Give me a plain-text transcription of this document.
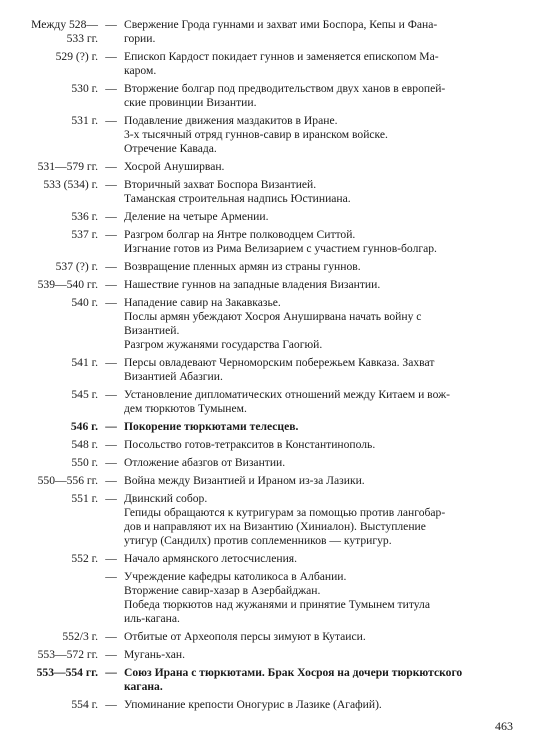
Между 528—
533 гг.
— Свержение Грода гуннами и захват ими Боспора, Кепы и Фана-
гории.
529 (?) г. — Епископ Кардост покидает гуннов и заменяется епископом Ма-
каром.
530 г. — Вторжение болгар под предводительством двух ханов в европей-
ские провинции Византии.
531 г. — Подавление движения маздакитов в Иране.
3-х тысячный отряд гуннов-савир в иранском войске.
Отречение Кавада.
531—579 гг. — Хосрой Ануширван.
533 (534) г. — Вторичный захват Боспора Византией.
Таманская строительная надпись Юстиниана.
536 г. — Деление на четыре Армении.
537 г. — Разгром болгар на Янтре полководцем Ситтой.
Изгнание готов из Рима Велизарием с участием гуннов-болгар.
537 (?) г. — Возвращение пленных армян из страны гуннов.
539—540 гг. — Нашествие гуннов на западные владения Византии.
540 г. — Нападение савир на Закавказье.
Послы армян убеждают Хосроя Ануширвана начать войну с
Византией.
Разгром жужанями государства Гаогюй.
541 г. — Персы овладевают Черноморским побережьем Кавказа. Захват
Византией Абазгии.
545 г. — Установление дипломатических отношений между Китаем и вож-
дем тюркютов Тумынем.
546 г. — Покорение тюркютами телесцев.
548 г. — Посольство готов-тетракситов в Константинополь.
550 г. — Отложение абазгов от Византии.
550—556 гг. — Война между Византией и Ираном из-за Лазики.
551 г. — Двинский собор.
Гепиды обращаются к кутригурам за помощью против лангобар-
дов и направляют их на Византию (Хиниалон). Выступление
утигур (Сандилх) против соплеменников — кутригур.
552 г. — Начало армянского летосчисления.

— Учреждение кафедры католикоса в Албании.
Вторжение савир-хазар в Азербайджан.
Победа тюркютов над жужанями и принятие Тумынем титула
иль-кагана.
552/3 г. — Отбитые от Археополя персы зимуют в Кутаиси.
553—572 гг. — Мугань-хан.
553—554 гг. — Союз Ирана с тюркютами. Брак Хосроя на дочери тюркютского
кагана.
554 г. — Упоминание крепости Онoгурис в Лазике (Агафий).
463
